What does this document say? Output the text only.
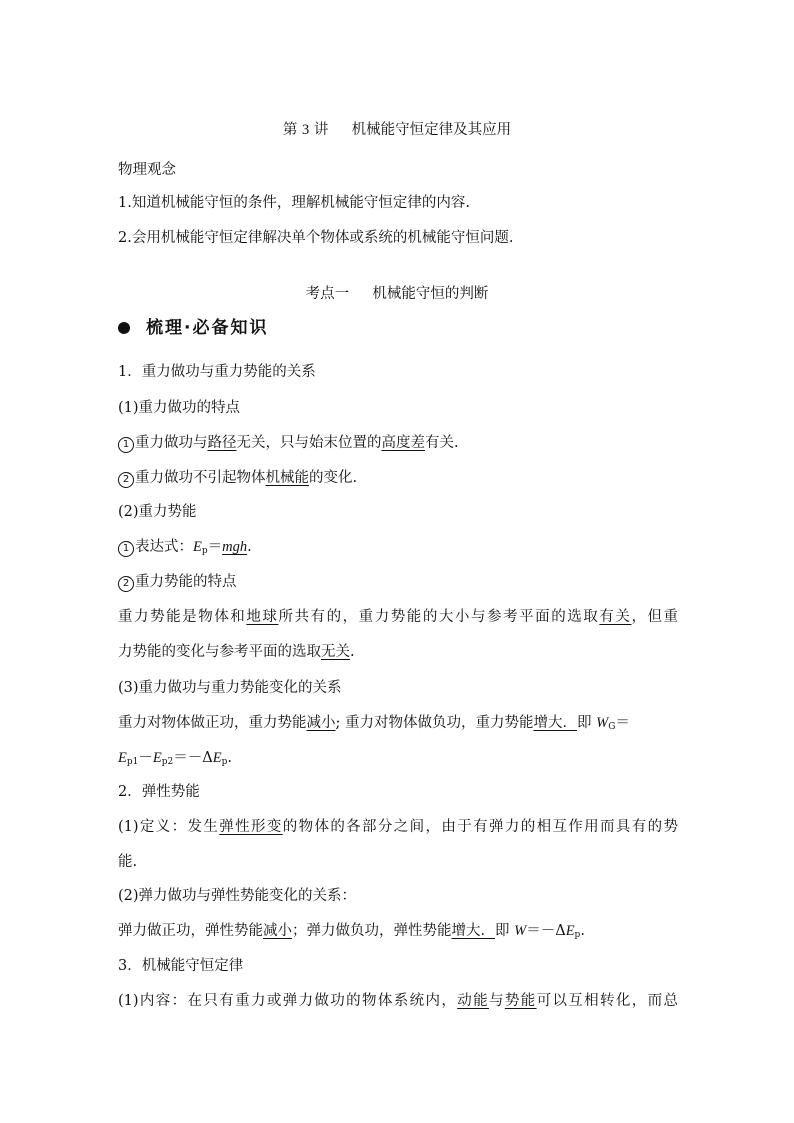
第 3 讲 机械能守恒定律及其应用
物理观念
1.知道机械能守恒的条件，理解机械能守恒定律的内容.
2.会用机械能守恒定律解决单个物体或系统的机械能守恒问题.
考点一 机械能守恒的判断
梳理·必备知识
1．重力做功与重力势能的关系
(1)重力做功的特点
1 重力做功与路径无关，只与始末位置的高度差有关.
2 重力做功不引起物体机械能的变化.
(2)重力势能
1 表达式：$E_p=mgh$.
2 重力势能的特点
重力势能是物体和地球所共有的，重力势能的大小与参考平面的选取有关，但重
力势能的变化与参考平面的选取无关.
(3)重力做功与重力势能变化的关系
重力对物体做正功，重力势能减小; 重力对物体做负功，重力势能增大．即 $W_G=$
$E_{p1}-E_{p2}=-\Delta E_p$.
2．弹性势能
(1)定义：发生弹性形变的物体的各部分之间，由于有弹力的相互作用而具有的势
能.
(2)弹力做功与弹性势能变化的关系：
弹力做正功，弹性势能减小；弹力做负功，弹性势能增大．即 $W=-\Delta E_p$.
3．机械能守恒定律
(1)内容：在只有重力或弹力做功的物体系统内，动能与势能可以互相转化，而总
